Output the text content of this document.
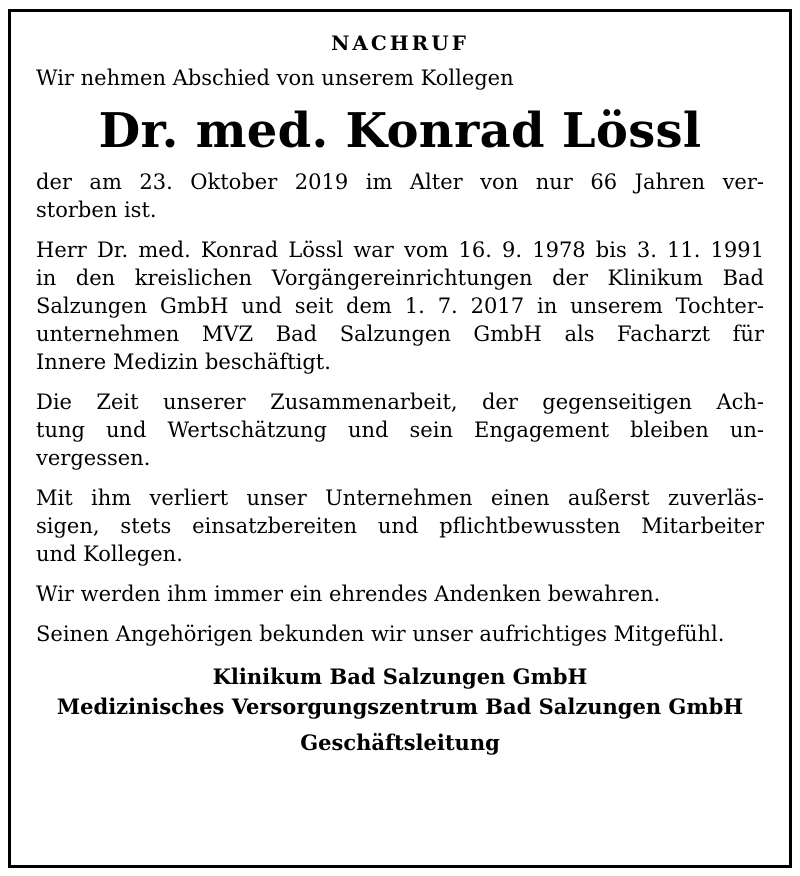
NACHRUF
Wir nehmen Abschied von unserem Kollegen
Dr. med. Konrad Lössl
der am 23. Oktober 2019 im Alter von nur 66 Jahren ver-
storben ist.
Herr Dr. med. Konrad Lössl war vom 16. 9. 1978 bis 3. 11. 1991
in den kreislichen Vorgängereinrichtungen der Klinikum Bad
Salzungen GmbH und seit dem 1. 7. 2017 in unserem Tochter-
unternehmen MVZ Bad Salzungen GmbH als Facharzt für
Innere Medizin beschäftigt.
Die Zeit unserer Zusammenarbeit, der gegenseitigen Ach-
tung und Wertschätzung und sein Engagement bleiben un-
vergessen.
Mit ihm verliert unser Unternehmen einen außerst zuverläs-
sigen, stets einsatzbereiten und pflichtbewussten Mitarbeiter
und Kollegen.
Wir werden ihm immer ein ehrendes Andenken bewahren.
Seinen Angehörigen bekunden wir unser aufrichtiges Mitgefühl.
Klinikum Bad Salzungen GmbH
Medizinisches Versorgungszentrum Bad Salzungen GmbH
Geschäftsleitung
